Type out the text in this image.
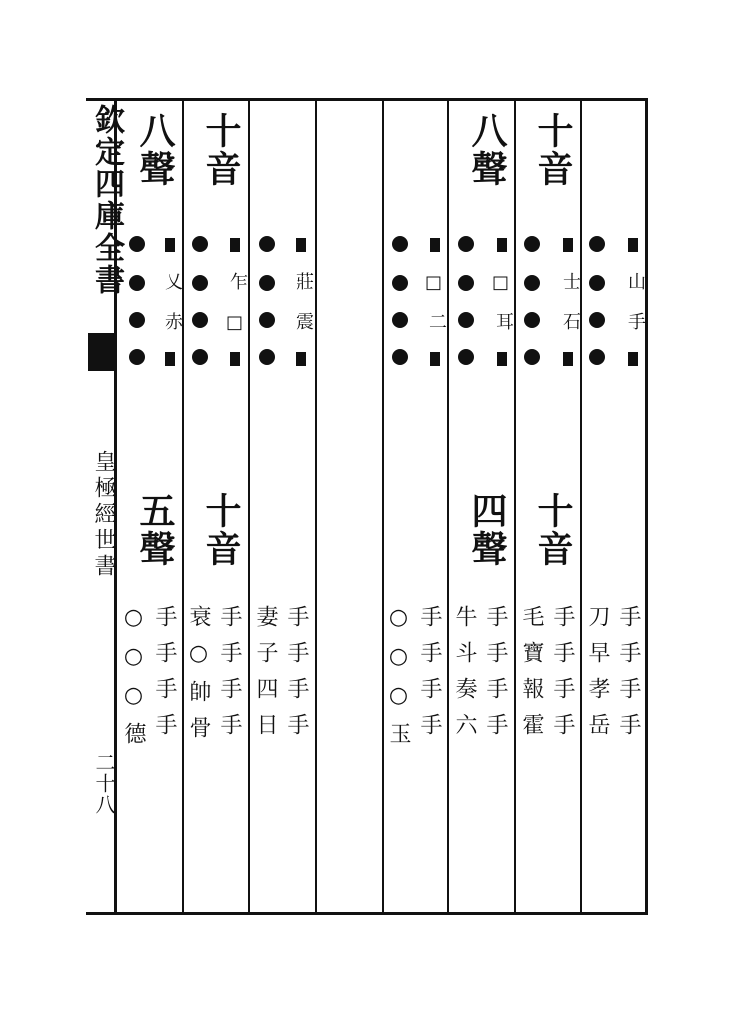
欽定四庫全書
皇極經世書
二十八
山
手
手手手手
刀早孝岳
十音
士
石
十音
手手手手
毛寶報霍
八聲
□
耳
四聲
手手手手
牛斗奏六
□
二
手手手手
○○○玉
莊
震
手手手手
妻子四日
十音
乍
□
十音
手手手手
衰○帥骨
八聲
乂
赤
五聲
手手手手
○○○德
